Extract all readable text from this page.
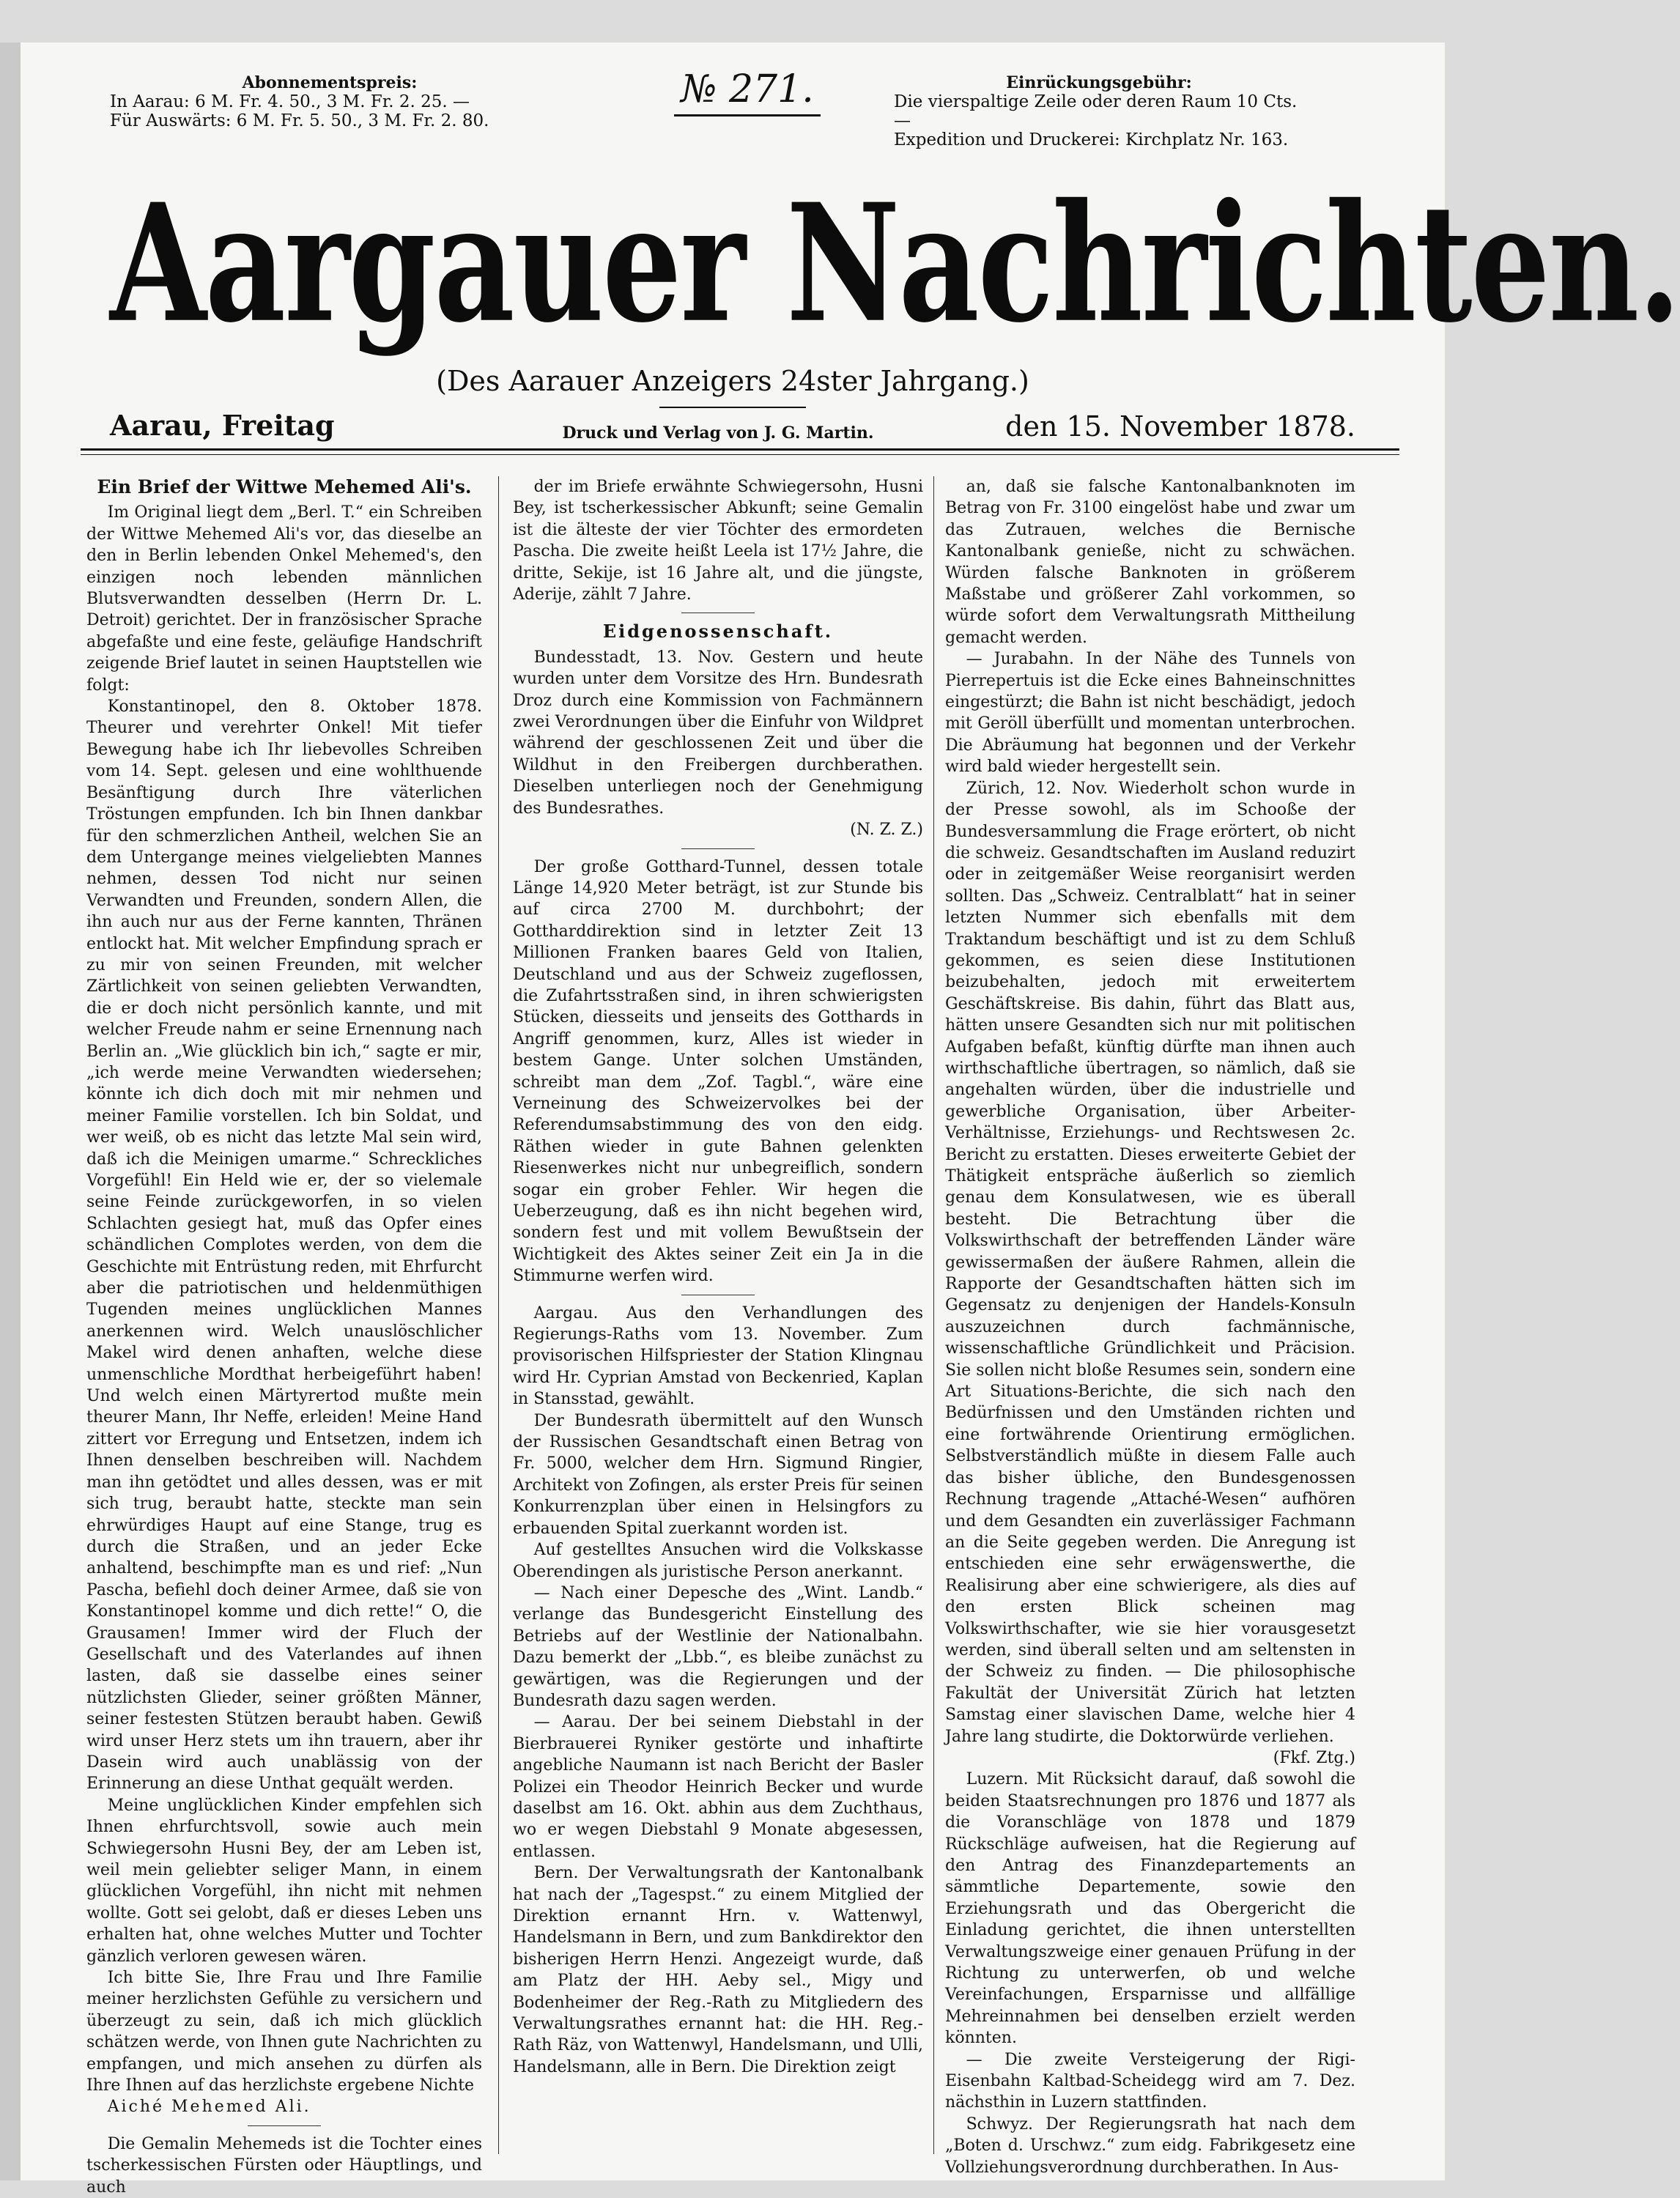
Abonnementspreis:
In Aarau: 6 M. Fr. 4. 50., 3 M. Fr. 2. 25. —
Für Auswärts: 6 M. Fr. 5. 50., 3 M. Fr. 2. 80.
№ 271.	Einrückungsgebühr:
Die vierspaltige Zeile oder deren Raum 10 Cts. —
Expedition und Druckerei: Kirchplatz Nr. 163.
Aargauer Nachrichten.
(Des Aarauer Anzeigers 24ster Jahrgang.)
Aarau, Freitag	Druck und Verlag von J. G. Martin.	den 15. November 1878.
Ein Brief der Wittwe Mehemed Ali's.

Im Original liegt dem „Berl. T.“ ein Schreiben der Wittwe Mehemed Ali's vor, das dieselbe an den in Berlin lebenden Onkel Mehemed's, den einzigen noch lebenden männlichen Blutsverwandten desselben (Herrn Dr. L. Detroit) gerichtet. Der in französischer Sprache abgefaßte und eine feste, geläufige Handschrift zeigende Brief lautet in seinen Hauptstellen wie folgt:

Konstantinopel, den 8. Oktober 1878. Theurer und verehrter Onkel! Mit tiefer Bewegung habe ich Ihr liebevolles Schreiben vom 14. Sept. gelesen und eine wohlthuende Besänftigung durch Ihre väterlichen Tröstungen empfunden. Ich bin Ihnen dankbar für den schmerzlichen Antheil, welchen Sie an dem Untergange meines vielgeliebten Mannes nehmen, dessen Tod nicht nur seinen Verwandten und Freunden, sondern Allen, die ihn auch nur aus der Ferne kannten, Thränen entlockt hat. Mit welcher Empfindung sprach er zu mir von seinen Freunden, mit welcher Zärtlichkeit von seinen geliebten Verwandten, die er doch nicht persönlich kannte, und mit welcher Freude nahm er seine Ernennung nach Berlin an. „Wie glücklich bin ich,“ sagte er mir, „ich werde meine Verwandten wiedersehen; könnte ich dich doch mit mir nehmen und meiner Familie vorstellen. Ich bin Soldat, und wer weiß, ob es nicht das letzte Mal sein wird, daß ich die Meinigen umarme.“ Schreckliches Vorgefühl! Ein Held wie er, der so vielemale seine Feinde zurückgeworfen, in so vielen Schlachten gesiegt hat, muß das Opfer eines schändlichen Complotes werden, von dem die Geschichte mit Entrüstung reden, mit Ehrfurcht aber die patriotischen und heldenmüthigen Tugenden meines unglücklichen Mannes anerkennen wird. Welch unauslöschlicher Makel wird denen anhaften, welche diese unmenschliche Mordthat herbeigeführt haben! Und welch einen Märtyrertod mußte mein theurer Mann, Ihr Neffe, erleiden! Meine Hand zittert vor Erregung und Entsetzen, indem ich Ihnen denselben beschreiben will. Nachdem man ihn getödtet und alles dessen, was er mit sich trug, beraubt hatte, steckte man sein ehrwürdiges Haupt auf eine Stange, trug es durch die Straßen, und an jeder Ecke anhaltend, beschimpfte man es und rief: „Nun Pascha, befiehl doch deiner Armee, daß sie von Konstantinopel komme und dich rette!“ O, die Grausamen! Immer wird der Fluch der Gesellschaft und des Vaterlandes auf ihnen lasten, daß sie dasselbe eines seiner nützlichsten Glieder, seiner größten Männer, seiner festesten Stützen beraubt haben. Gewiß wird unser Herz stets um ihn trauern, aber ihr Dasein wird auch unablässig von der Erinnerung an diese Unthat gequält werden.

Meine unglücklichen Kinder empfehlen sich Ihnen ehrfurchtsvoll, sowie auch mein Schwiegersohn Husni Bey, der am Leben ist, weil mein geliebter seliger Mann, in einem glücklichen Vorgefühl, ihn nicht mit nehmen wollte. Gott sei gelobt, daß er dieses Leben uns erhalten hat, ohne welches Mutter und Tochter gänzlich verloren gewesen wären.

Ich bitte Sie, Ihre Frau und Ihre Familie meiner herzlichsten Gefühle zu versichern und überzeugt zu sein, daß ich mich glücklich schätzen werde, von Ihnen gute Nachrichten zu empfangen, und mich ansehen zu dürfen als Ihre Ihnen auf das herzlichste ergebene Nichte

Aiché Mehemed Ali.

Die Gemalin Mehemeds ist die Tochter eines tscherkessischen Fürsten oder Häuptlings, und auch

der im Briefe erwähnte Schwiegersohn, Husni Bey, ist tscherkessischer Abkunft; seine Gemalin ist die älteste der vier Töchter des ermordeten Pascha. Die zweite heißt Leela ist 17½ Jahre, die dritte, Sekije, ist 16 Jahre alt, und die jüngste, Aderije, zählt 7 Jahre.

Eidgenossenschaft.

Bundesstadt, 13. Nov. Gestern und heute wurden unter dem Vorsitze des Hrn. Bundesrath Droz durch eine Kommission von Fachmännern zwei Verordnungen über die Einfuhr von Wildpret während der geschlossenen Zeit und über die Wildhut in den Freibergen durchberathen. Dieselben unterliegen noch der Genehmigung des Bundesrathes.

(N. Z. Z.)

Der große Gotthard-Tunnel, dessen totale Länge 14,920 Meter beträgt, ist zur Stunde bis auf circa 2700 M. durchbohrt; der Gottharddirektion sind in letzter Zeit 13 Millionen Franken baares Geld von Italien, Deutschland und aus der Schweiz zugeflossen, die Zufahrtsstraßen sind, in ihren schwierigsten Stücken, diesseits und jenseits des Gotthards in Angriff genommen, kurz, Alles ist wieder in bestem Gange. Unter solchen Umständen, schreibt man dem „Zof. Tagbl.“, wäre eine Verneinung des Schweizervolkes bei der Referendumsabstimmung des von den eidg. Räthen wieder in gute Bahnen gelenkten Riesenwerkes nicht nur unbegreiflich, sondern sogar ein grober Fehler. Wir hegen die Ueberzeugung, daß es ihn nicht begehen wird, sondern fest und mit vollem Bewußtsein der Wichtigkeit des Aktes seiner Zeit ein Ja in die Stimmurne werfen wird.

Aargau. Aus den Verhandlungen des Regierungs-Raths vom 13. November. Zum provisorischen Hilfspriester der Station Klingnau wird Hr. Cyprian Amstad von Beckenried, Kaplan in Stansstad, gewählt.

Der Bundesrath übermittelt auf den Wunsch der Russischen Gesandtschaft einen Betrag von Fr. 5000, welcher dem Hrn. Sigmund Ringier, Architekt von Zofingen, als erster Preis für seinen Konkurrenzplan über einen in Helsingfors zu erbauenden Spital zuerkannt worden ist.

Auf gestelltes Ansuchen wird die Volkskasse Oberendingen als juristische Person anerkannt.

— Nach einer Depesche des „Wint. Landb.“ verlange das Bundesgericht Einstellung des Betriebs auf der Westlinie der Nationalbahn. Dazu bemerkt der „Lbb.“, es bleibe zunächst zu gewärtigen, was die Regierungen und der Bundesrath dazu sagen werden.

— Aarau. Der bei seinem Diebstahl in der Bierbrauerei Ryniker gestörte und inhaftirte angebliche Naumann ist nach Bericht der Basler Polizei ein Theodor Heinrich Becker und wurde daselbst am 16. Okt. abhin aus dem Zuchthaus, wo er wegen Diebstahl 9 Monate abgesessen, entlassen.

Bern. Der Verwaltungsrath der Kantonalbank hat nach der „Tagespst.“ zu einem Mitglied der Direktion ernannt Hrn. v. Wattenwyl, Handelsmann in Bern, und zum Bankdirektor den bisherigen Herrn Henzi. Angezeigt wurde, daß am Platz der HH. Aeby sel., Migy und Bodenheimer der Reg.-Rath zu Mitgliedern des Verwaltungsrathes ernannt hat: die HH. Reg.-Rath Räz, von Wattenwyl, Handelsmann, und Ulli, Handelsmann, alle in Bern. Die Direktion zeigt

an, daß sie falsche Kantonalbanknoten im Betrag von Fr. 3100 eingelöst habe und zwar um das Zutrauen, welches die Bernische Kantonalbank genieße, nicht zu schwächen. Würden falsche Banknoten in größerem Maßstabe und größerer Zahl vorkommen, so würde sofort dem Verwaltungsrath Mittheilung gemacht werden.

— Jurabahn. In der Nähe des Tunnels von Pierrepertuis ist die Ecke eines Bahneinschnittes eingestürzt; die Bahn ist nicht beschädigt, jedoch mit Geröll überfüllt und momentan unterbrochen. Die Abräumung hat begonnen und der Verkehr wird bald wieder hergestellt sein.

Zürich, 12. Nov. Wiederholt schon wurde in der Presse sowohl, als im Schooße der Bundesversammlung die Frage erörtert, ob nicht die schweiz. Gesandtschaften im Ausland reduzirt oder in zeitgemäßer Weise reorganisirt werden sollten. Das „Schweiz. Centralblatt“ hat in seiner letzten Nummer sich ebenfalls mit dem Traktandum beschäftigt und ist zu dem Schluß gekommen, es seien diese Institutionen beizubehalten, jedoch mit erweitertem Geschäftskreise. Bis dahin, führt das Blatt aus, hätten unsere Gesandten sich nur mit politischen Aufgaben befaßt, künftig dürfte man ihnen auch wirthschaftliche übertragen, so nämlich, daß sie angehalten würden, über die industrielle und gewerbliche Organisation, über Arbeiter-Verhältnisse, Erziehungs- und Rechtswesen 2c. Bericht zu erstatten. Dieses erweiterte Gebiet der Thätigkeit entspräche äußerlich so ziemlich genau dem Konsulatwesen, wie es überall besteht. Die Betrachtung über die Volkswirthschaft der betreffenden Länder wäre gewissermaßen der äußere Rahmen, allein die Rapporte der Gesandtschaften hätten sich im Gegensatz zu denjenigen der Handels-Konsuln auszuzeichnen durch fachmännische, wissenschaftliche Gründlichkeit und Präcision. Sie sollen nicht bloße Resumes sein, sondern eine Art Situations-Berichte, die sich nach den Bedürfnissen und den Umständen richten und eine fortwährende Orientirung ermöglichen. Selbstverständlich müßte in diesem Falle auch das bisher übliche, den Bundesgenossen Rechnung tragende „Attaché-Wesen“ aufhören und dem Gesandten ein zuverlässiger Fachmann an die Seite gegeben werden. Die Anregung ist entschieden eine sehr erwägenswerthe, die Realisirung aber eine schwierigere, als dies auf den ersten Blick scheinen mag Volkswirthschafter, wie sie hier vorausgesetzt werden, sind überall selten und am seltensten in der Schweiz zu finden. — Die philosophische Fakultät der Universität Zürich hat letzten Samstag einer slavischen Dame, welche hier 4 Jahre lang studirte, die Doktorwürde verliehen.

(Fkf. Ztg.)

Luzern. Mit Rücksicht darauf, daß sowohl die beiden Staatsrechnungen pro 1876 und 1877 als die Voranschläge von 1878 und 1879 Rückschläge aufweisen, hat die Regierung auf den Antrag des Finanzdepartements an sämmtliche Departemente, sowie den Erziehungsrath und das Obergericht die Einladung gerichtet, die ihnen unterstellten Verwaltungszweige einer genauen Prüfung in der Richtung zu unterwerfen, ob und welche Vereinfachungen, Ersparnisse und allfällige Mehreinnahmen bei denselben erzielt werden könnten.

— Die zweite Versteigerung der Rigi-Eisenbahn Kaltbad-Scheidegg wird am 7. Dez. nächsthin in Luzern stattfinden.

Schwyz. Der Regierungsrath hat nach dem „Boten d. Urschwz.“ zum eidg. Fabrikgesetz eine Vollziehungsverordnung durchberathen. In Aus-
